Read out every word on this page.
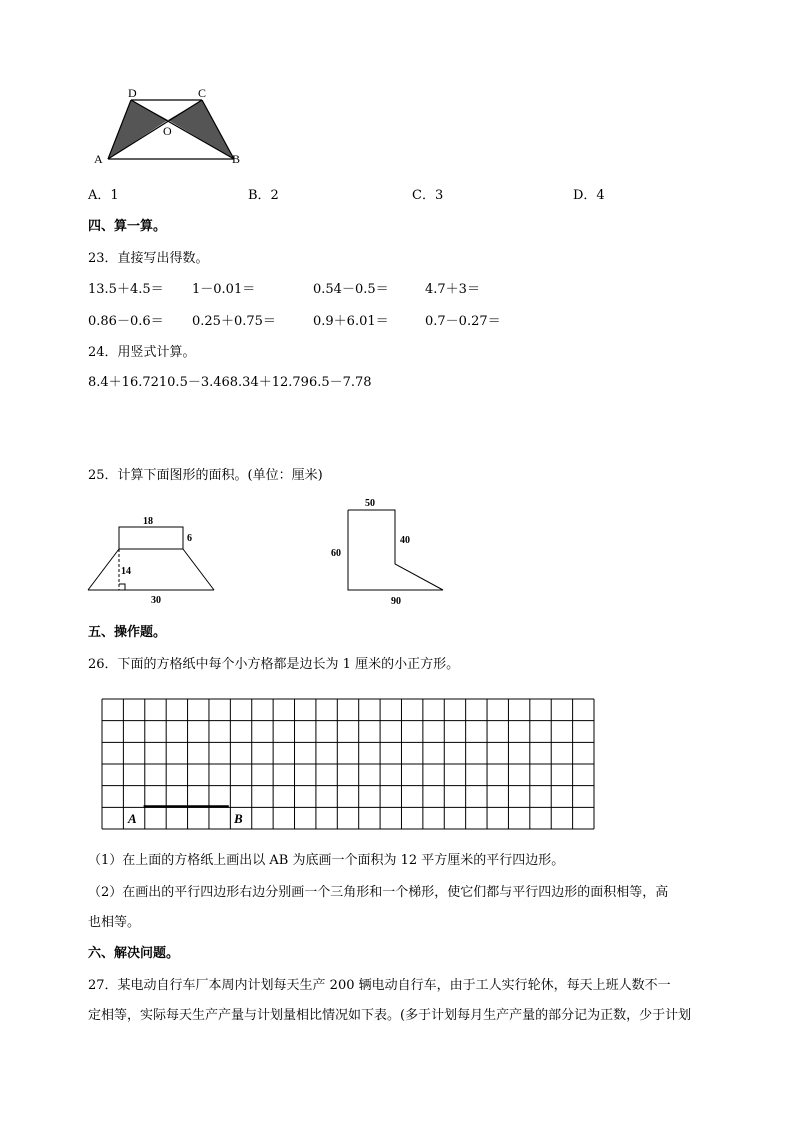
D	C
O
A	B
A．1	B．2	C．3	D．4
四、算一算。
23．直接写出得数。
13.5＋4.5＝ 1－0.01＝	0.54－0.5＝	4.7＋3＝
0.86－0.6＝ 0.25＋0.75＝	0.9＋6.01＝	0.7－0.27＝
24．用竖式计算。
8.4＋16.7210.5－3.468.34＋12.796.5－7.78
25．计算下面图形的面积。(单位：厘米)
18
6
14
30
50
60
40
90
五、操作题。
26．下面的方格纸中每个小方格都是边长为 1 厘米的小正方形。
A	B
（1）在上面的方格纸上画出以 AB 为底画一个面积为 12 平方厘米的平行四边形。
（2）在画出的平行四边形右边分别画一个三角形和一个梯形，使它们都与平行四边形的面积相等，高
也相等。
六、解决问题。
27．某电动自行车厂本周内计划每天生产 200 辆电动自行车，由于工人实行轮休，每天上班人数不一
定相等，实际每天生产产量与计划量相比情况如下表。(多于计划每月生产产量的部分记为正数，少于计划
